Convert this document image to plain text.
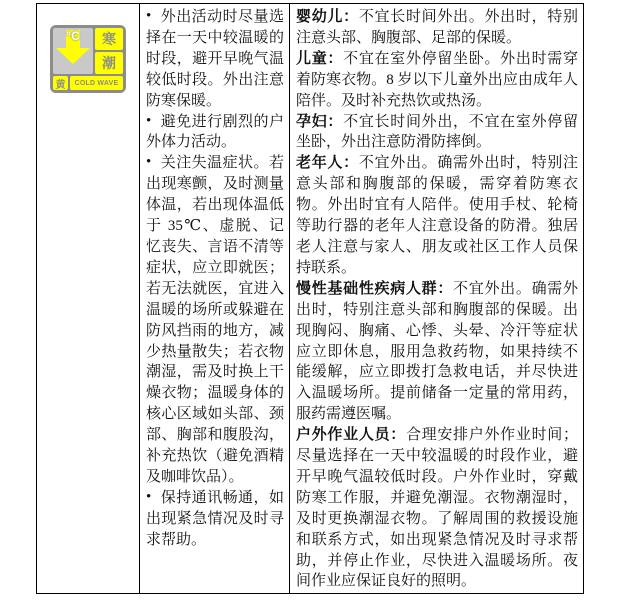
°C	寒
潮
黄	COLD WAVE

• 外出活动时尽量选择在一天中较温暖的时段，避开早晚气温较低时段。外出注意防寒保暖。

• 避免进行剧烈的户外体力活动。

• 关注失温症状。若出现寒颤，及时测量体温，若出现体温低于 35℃、虚脱、记忆丧失、言语不清等症状，应立即就医；若无法就医，宜进入温暖的场所或躲避在防风挡雨的地方，减少热量散失；若衣物潮湿，需及时换上干燥衣物；温暖身体的核心区域如头部、颈部、胸部和腹股沟，补充热饮（避免酒精及咖啡饮品）。

• 保持通讯畅通，如出现紧急情况及时寻求帮助。

婴幼儿：不宜长时间外出。外出时，特别注意头部、胸腹部、足部的保暖。

儿童：不宜在室外停留坐卧。外出时需穿着防寒衣物。8 岁以下儿童外出应由成年人陪伴。及时补充热饮或热汤。

孕妇：不宜长时间外出，不宜在室外停留坐卧，外出注意防滑防摔倒。

老年人：不宜外出。确需外出时，特别注意头部和胸腹部的保暖，需穿着防寒衣物。外出时宜有人陪伴。使用手杖、轮椅等助行器的老年人注意设备的防滑。独居老人注意与家人、朋友或社区工作人员保持联系。

慢性基础性疾病人群：不宜外出。确需外出时，特别注意头部和胸腹部的保暖。出现胸闷、胸痛、心悸、头晕、冷汗等症状应立即休息，服用急救药物，如果持续不能缓解，应立即拨打急救电话，并尽快进入温暖场所。提前储备一定量的常用药，服药需遵医嘱。

户外作业人员：合理安排户外作业时间；尽量选择在一天中较温暖的时段作业，避开早晚气温较低时段。户外作业时，穿戴防寒工作服，并避免潮湿。衣物潮湿时，及时更换潮湿衣物。了解周围的救援设施和联系方式，如出现紧急情况及时寻求帮助，并停止作业，尽快进入温暖场所。夜间作业应保证良好的照明。
